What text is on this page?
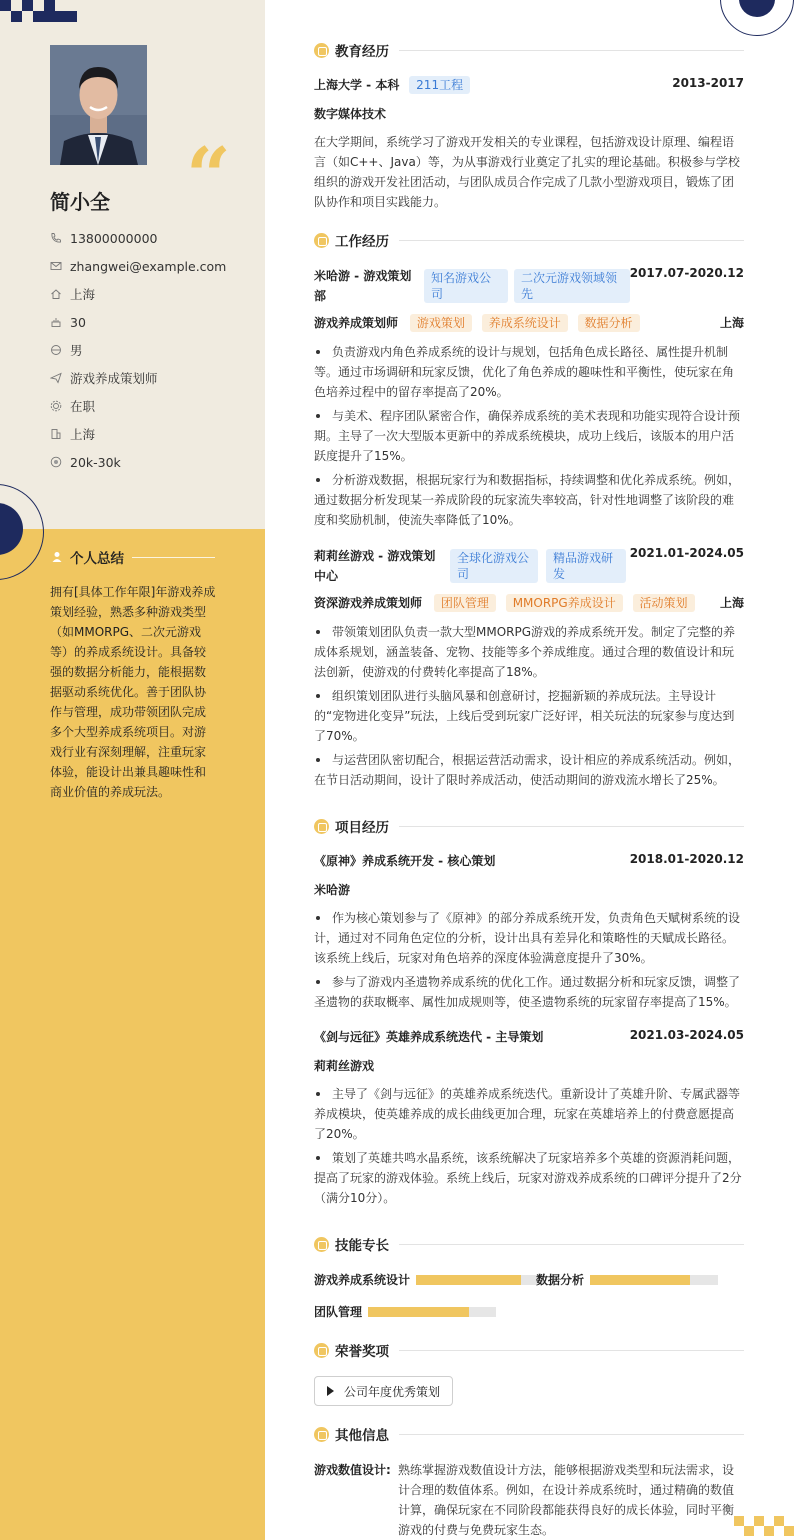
“
简小全
13800000000
zhangwei@example.com
上海
30
男
游戏养成策划师
在职
上海
20k-30k
个人总结
拥有[具体工作年限]年游戏养成策划经验，熟悉多种游戏类型（如MMORPG、二次元游戏等）的养成系统设计。具备较强的数据分析能力，能根据数据驱动系统优化。善于团队协作与管理，成功带领团队完成多个大型养成系统项目。对游戏行业有深刻理解，注重玩家体验，能设计出兼具趣味性和商业价值的养成玩法。
教育经历
上海大学 - 本科 211工程	2013-2017
数字媒体技术
在大学期间，系统学习了游戏开发相关的专业课程，包括游戏设计原理、编程语言（如C++、Java）等，为从事游戏行业奠定了扎实的理论基础。积极参与学校组织的游戏开发社团活动，与团队成员合作完成了几款小型游戏项目，锻炼了团队协作和项目实践能力。
工作经历
米哈游 - 游戏策划部
知名游戏公司
二次元游戏领域领先
2017.07-2020.12
游戏养成策划师 游戏策划 养成系统设计 数据分析	上海
负责游戏内角色养成系统的设计与规划，包括角色成长路径、属性提升机制等。通过市场调研和玩家反馈，优化了角色养成的趣味性和平衡性，使玩家在角色培养过程中的留存率提高了20%。
与美术、程序团队紧密合作，确保养成系统的美术表现和功能实现符合设计预期。主导了一次大型版本更新中的养成系统模块，成功上线后，该版本的用户活跃度提升了15%。
分析游戏数据，根据玩家行为和数据指标，持续调整和优化养成系统。例如，通过数据分析发现某一养成阶段的玩家流失率较高，针对性地调整了该阶段的难度和奖励机制，使流失率降低了10%。
莉莉丝游戏 - 游戏策划中心
全球化游戏公司
精品游戏研发
2021.01-2024.05
资深游戏养成策划师 团队管理 MMORPG养成设计 活动策划	上海
带领策划团队负责一款大型MMORPG游戏的养成系统开发。制定了完整的养成体系规划，涵盖装备、宠物、技能等多个养成维度。通过合理的数值设计和玩法创新，使游戏的付费转化率提高了18%。
组织策划团队进行头脑风暴和创意研讨，挖掘新颖的养成玩法。主导设计的“宠物进化变异”玩法，上线后受到玩家广泛好评，相关玩法的玩家参与度达到了70%。
与运营团队密切配合，根据运营活动需求，设计相应的养成系统活动。例如，在节日活动期间，设计了限时养成活动，使活动期间的游戏流水增长了25%。
项目经历
《原神》养成系统开发 - 核心策划	2018.01-2020.12
米哈游
作为核心策划参与了《原神》的部分养成系统开发，负责角色天赋树系统的设计，通过对不同角色定位的分析，设计出具有差异化和策略性的天赋成长路径。该系统上线后，玩家对角色培养的深度体验满意度提升了30%。
参与了游戏内圣遗物养成系统的优化工作。通过数据分析和玩家反馈，调整了圣遗物的获取概率、属性加成规则等，使圣遗物系统的玩家留存率提高了15%。
《剑与远征》英雄养成系统迭代 - 主导策划	2021.03-2024.05
莉莉丝游戏
主导了《剑与远征》的英雄养成系统迭代。重新设计了英雄升阶、专属武器等养成模块，使英雄养成的成长曲线更加合理，玩家在英雄培养上的付费意愿提高了20%。
策划了英雄共鸣水晶系统，该系统解决了玩家培养多个英雄的资源消耗问题，提高了玩家的游戏体验。系统上线后，玩家对游戏养成系统的口碑评分提升了2分（满分10分）。
技能专长
游戏养成系统设计	数据分析
团队管理
荣誉奖项
公司年度优秀策划
其他信息
游戏数值设计: 熟练掌握游戏数值设计方法，能够根据游戏类型和玩法需求，设计合理的数值体系。例如，在设计养成系统时，通过精确的数值计算，确保玩家在不同阶段都能获得良好的成长体验，同时平衡游戏的付费与免费玩家生态。
